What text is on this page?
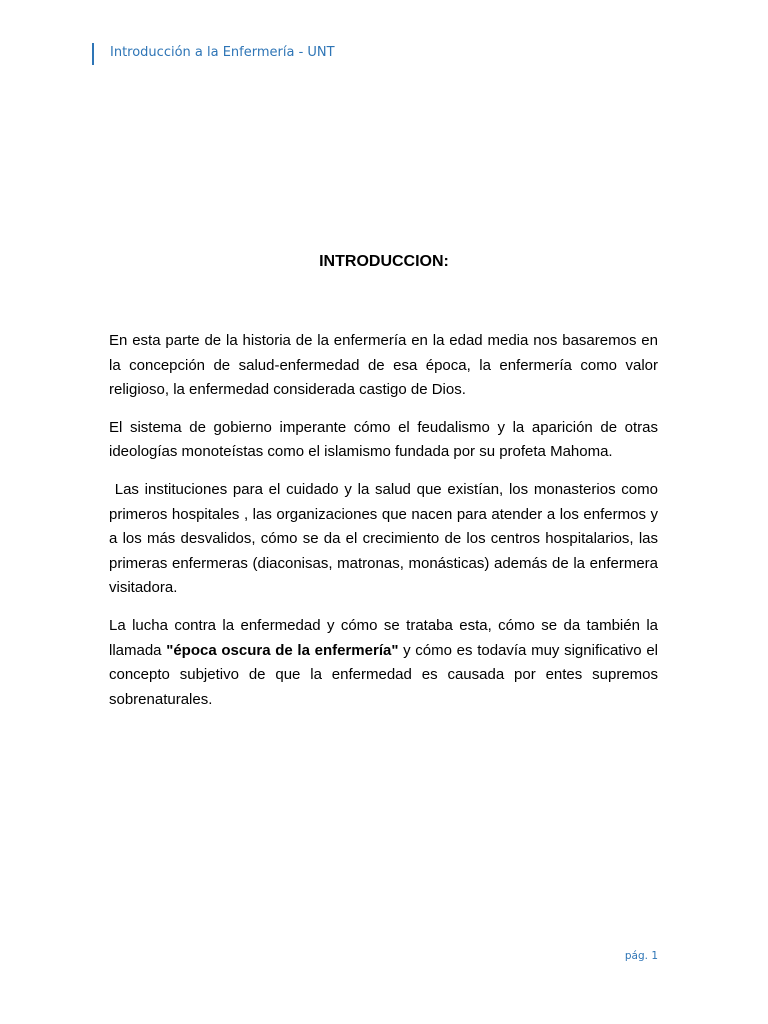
Introducción a la Enfermería - UNT
INTRODUCCION:

En esta parte de la historia de la enfermería en la edad media nos basaremos en la concepción de salud-enfermedad de esa época, la enfermería como valor religioso, la enfermedad considerada castigo de Dios.

El sistema de gobierno imperante cómo el feudalismo y la aparición de otras ideologías monoteístas como el islamismo fundada por su profeta Mahoma.

Las instituciones para el cuidado y la salud que existían, los monasterios como primeros hospitales , las organizaciones que nacen para atender a los enfermos y a los más desvalidos, cómo se da el crecimiento de los centros hospitalarios, las primeras enfermeras (diaconisas, matronas, monásticas) además de la enfermera visitadora.

La lucha contra la enfermedad y cómo se trataba esta, cómo se da también la llamada "época oscura de la enfermería" y cómo es todavía muy significativo el concepto subjetivo de que la enfermedad es causada por entes supremos sobrenaturales.

pág. 1
